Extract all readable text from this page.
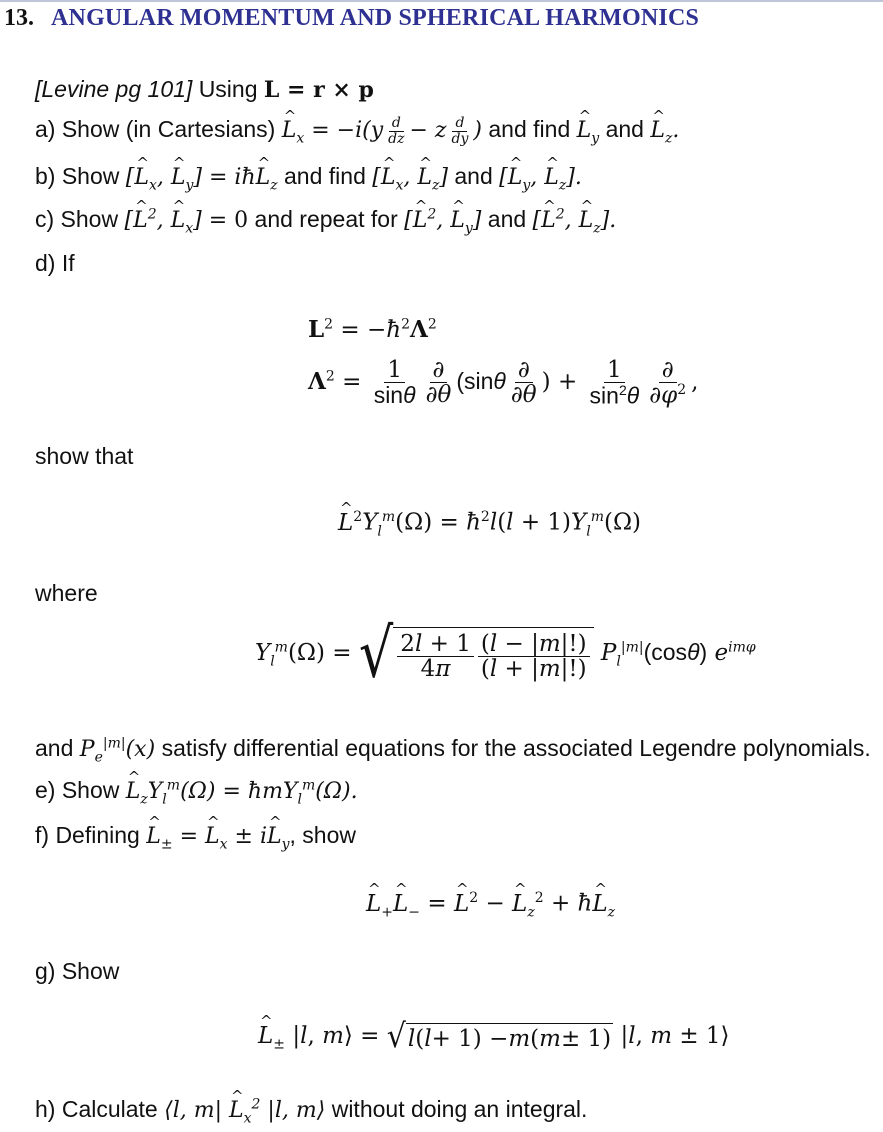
13. ANGULAR MOMENTUM AND SPHERICAL HARMONICS
[Levine pg 101] Using L = r × p
a) Show (in Cartesians) ^ $L_x = -i(y \frac{d}{dz} - z \frac{d}{dy}$ ) and find ^ $L_y$ and ^ $L_z$.
b) Show [^ $L_x$, ^ $L_y$] = iħ^ $L_z$ and find [^ $L_x$, ^ $L_z$] and [^ $L_y$, ^ $L_z$].
c) Show [^ $L^2$, ^ $L_x] = 0$ and repeat for [^ $L^2$, ^ $L_y$] and [^ $L^2$, ^ $L_z$].
d) If
$L^2$ = $-ħ^2\Lambda^2$
$\Lambda^2 = \frac{1}{\sin\theta} \frac{\partial}{\partial\theta} (\sin\theta \frac{\partial}{\partial\theta}$ ) + $\frac{1}{\sin^2\theta} \frac{\partial}{\partial\varphi^2}$ ,
show that
^ $L^2Y_l^m(\Omega)$ = $ħ^2l(l + 1)Y_l^m(\Omega)$
where
$Y_l^m(\Omega)$ = √ $\frac{2l + 1}{4\pi} \frac{(l - |m|!)}{(l + |m|!)} P_l^{|m|}(\cos\theta)$ $e^{im\varphi}$
and $P_e^{|m|}(x)$ satisfy differential equations for the associated Legendre polynomials.
e) Show ^ $L_zY_l^m(\Omega)$ = ħmY$_l^m$(Ω).
f) Defining ^ $L_\pm$ = ^ $L_x$ ± i^ $L_y$, show
^ $L_+\^{}$ $L_-$ = ^ $L^2$ − ^ $L_z^2$ + ħ^ $L_z$
g) Show
^ $L_\pm$ |l, m⟩ = √ l ( l + 1) − m ( m ± 1) |l, m ± 1⟩
h) Calculate ⟨l, m| ^ $L_x^2$ |l, m⟩ without doing an integral.
